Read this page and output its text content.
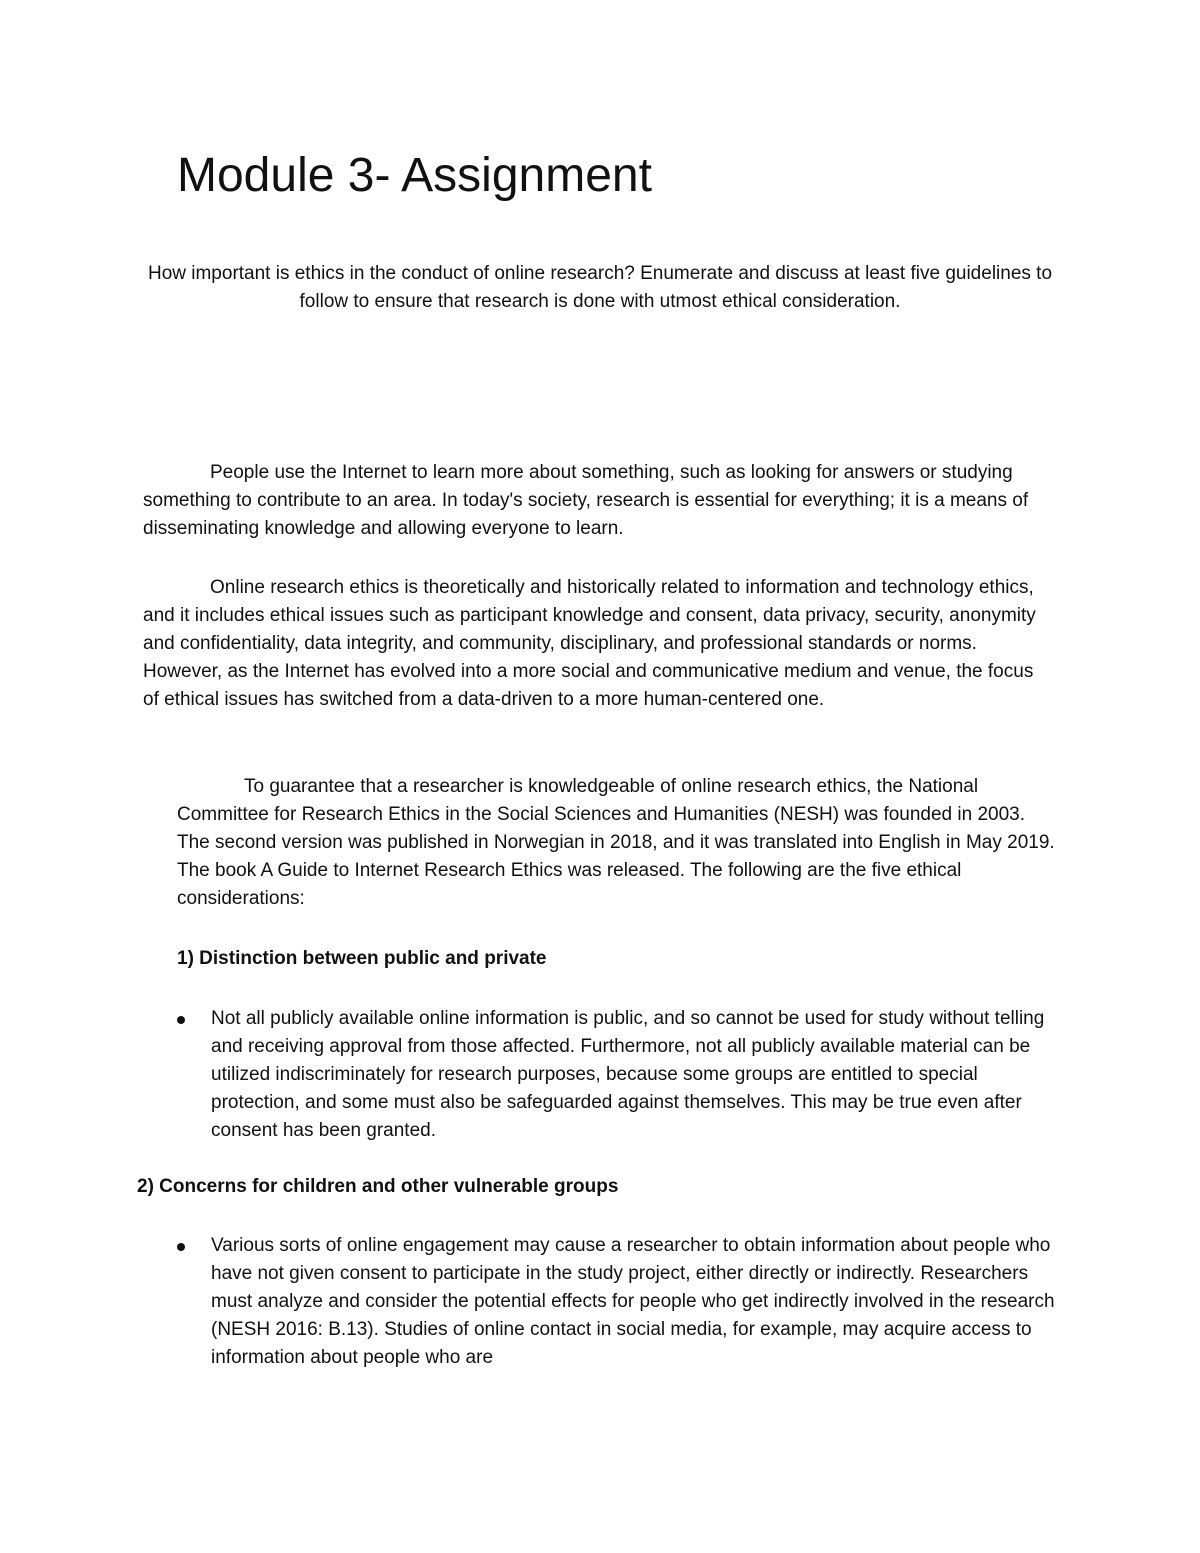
Module 3- Assignment

How important is ethics in the conduct of online research? Enumerate and discuss at least five guidelines to follow to ensure that research is done with utmost ethical consideration.

People use the Internet to learn more about something, such as looking for answers or studying something to contribute to an area. In today's society, research is essential for everything; it is a means of disseminating knowledge and allowing everyone to learn.

Online research ethics is theoretically and historically related to information and technology ethics, and it includes ethical issues such as participant knowledge and consent, data privacy, security, anonymity and confidentiality, data integrity, and community, disciplinary, and professional standards or norms. However, as the Internet has evolved into a more social and communicative medium and venue, the focus of ethical issues has switched from a data-driven to a more human-centered one.

To guarantee that a researcher is knowledgeable of online research ethics, the National Committee for Research Ethics in the Social Sciences and Humanities (NESH) was founded in 2003. The second version was published in Norwegian in 2018, and it was translated into English in May 2019. The book A Guide to Internet Research Ethics was released. The following are the five ethical considerations:

1) Distinction between public and private

Not all publicly available online information is public, and so cannot be used for study without telling and receiving approval from those affected. Furthermore, not all publicly available material can be utilized indiscriminately for research purposes, because some groups are entitled to special protection, and some must also be safeguarded against themselves. This may be true even after consent has been granted.

2) Concerns for children and other vulnerable groups

Various sorts of online engagement may cause a researcher to obtain information about people who have not given consent to participate in the study project, either directly or indirectly. Researchers must analyze and consider the potential effects for people who get indirectly involved in the research (NESH 2016: B.13). Studies of online contact in social media, for example, may acquire access to information about people who are
